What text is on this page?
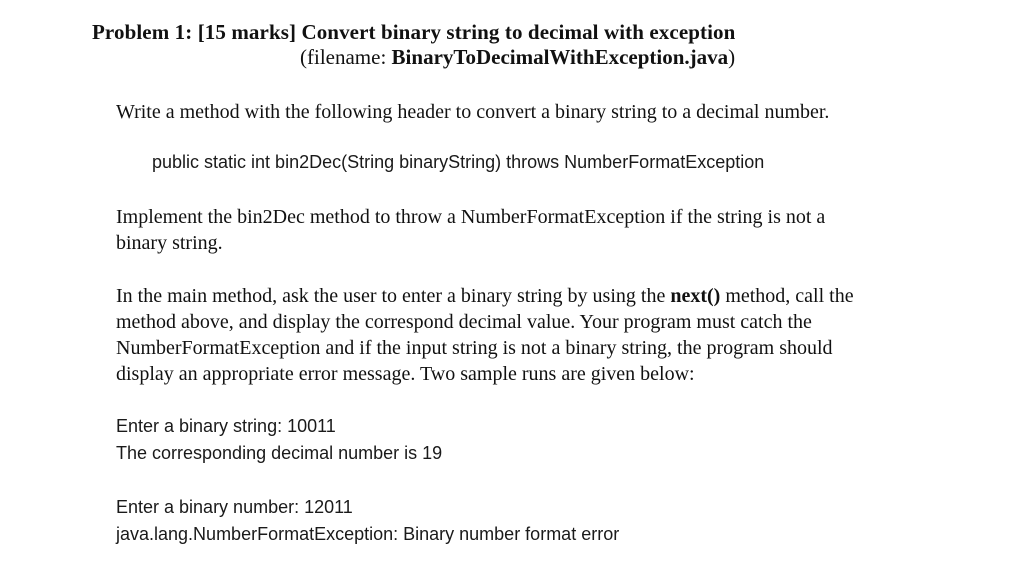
Problem 1: [15 marks] Convert binary string to decimal with exception
(filename: BinaryToDecimalWithException.java)
Write a method with the following header to convert a binary string to a decimal number.
public static int bin2Dec(String binaryString) throws NumberFormatException
Implement the bin2Dec method to throw a NumberFormatException if the string is not a
binary string.
In the main method, ask the user to enter a binary string by using the next() method, call the
method above, and display the correspond decimal value. Your program must catch the
NumberFormatException and if the input string is not a binary string, the program should
display an appropriate error message. Two sample runs are given below:
Enter a binary string: 10011
The corresponding decimal number is 19
Enter a binary number: 12011
java.lang.NumberFormatException: Binary number format error
